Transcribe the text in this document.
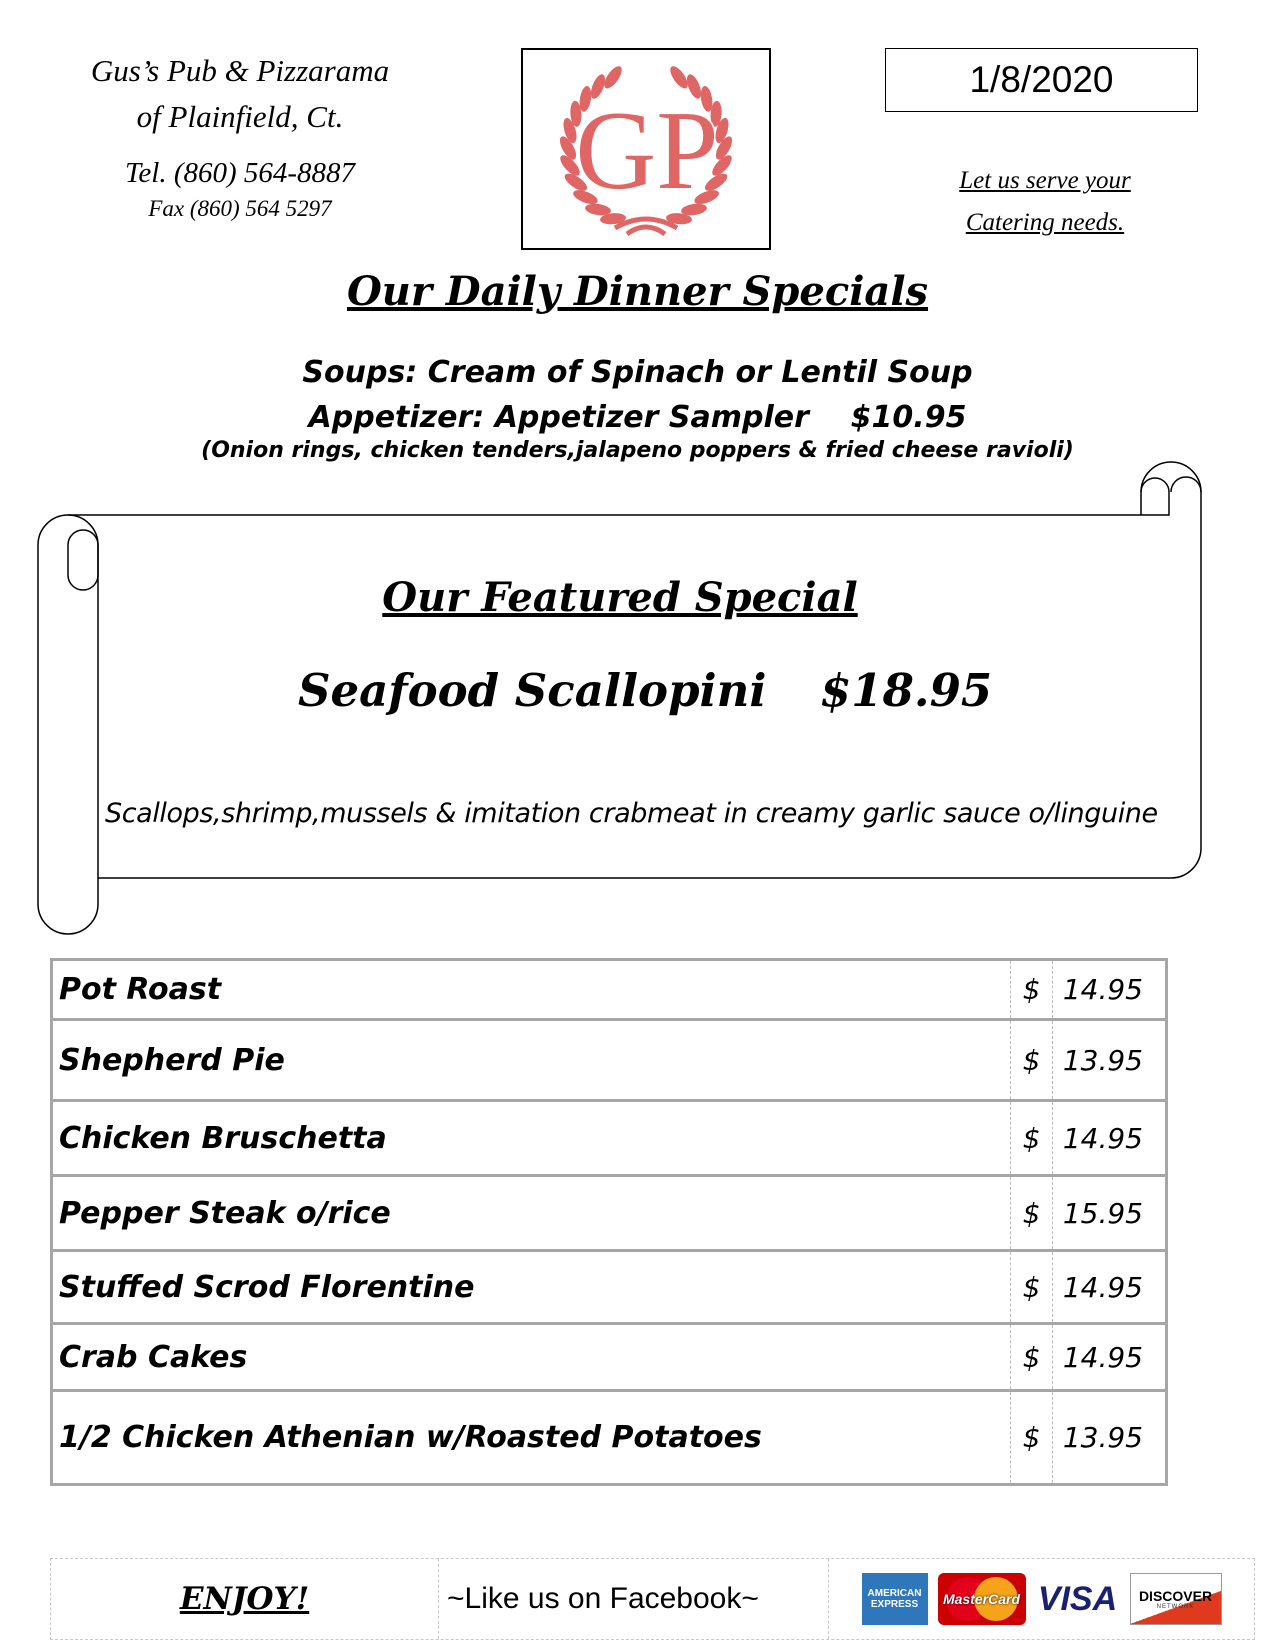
Gus’s Pub & Pizzarama
of Plainfield, Ct.
Tel. (860) 564-8887
Fax (860) 564 5297	GP
1/8/2020
Let us serve your
Catering needs.
Our Daily Dinner Specials
Soups: Cream of Spinach or Lentil Soup
Appetizer: Appetizer Sampler    $10.95
(Onion rings, chicken tenders,jalapeno poppers & fried cheese ravioli)
Our Featured Special
Seafood Scallopini $18.95
Scallops,shrimp,mussels & imitation crabmeat in creamy garlic sauce o/linguine
Pot Roast	$ 14.95
Shepherd Pie	$ 13.95
Chicken Bruschetta	$ 14.95
Pepper Steak o/rice	$ 15.95
Stuffed Scrod Florentine	$ 14.95
Crab Cakes	$ 14.95
1/2 Chicken Athenian w/Roasted Potatoes	$ 13.95
ENJOY!	~Like us on Facebook~	AMERICAN EXPRESS	MasterCard VISA DISCOVER
NETWORK
